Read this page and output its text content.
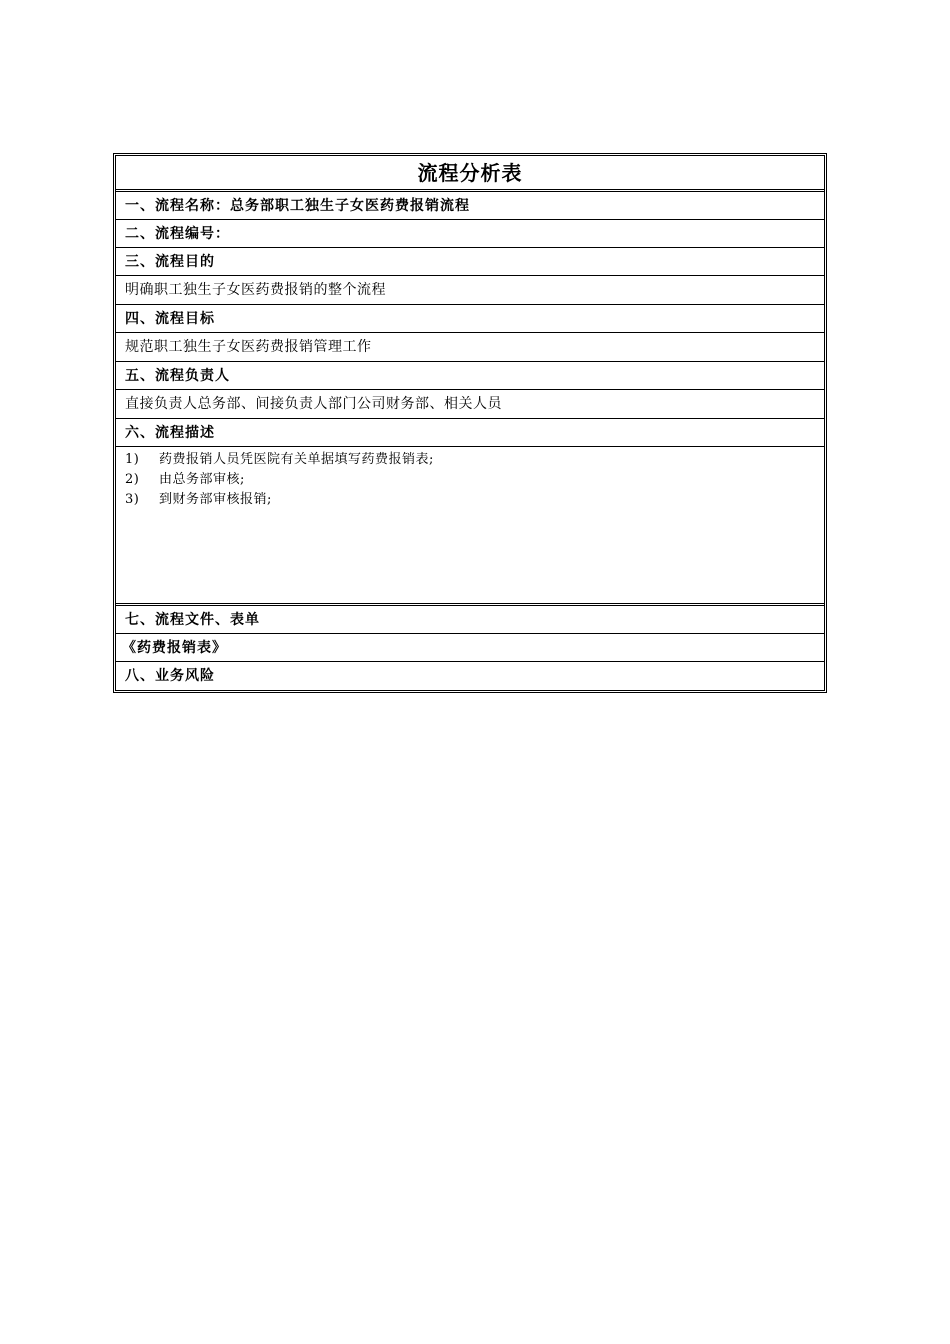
流程分析表
一、流程名称：总务部职工独生子女医药费报销流程
二、流程编号：
三、流程目的
明确职工独生子女医药费报销的整个流程
四、流程目标
规范职工独生子女医药费报销管理工作
五、流程负责人
直接负责人总务部、间接负责人部门公司财务部、相关人员
六、流程描述
1)	药费报销人员凭医院有关单据填写药费报销表;
2)	由总务部审核;
3)	到财务部审核报销;
七、流程文件、表单
《药费报销表》
八、业务风险
